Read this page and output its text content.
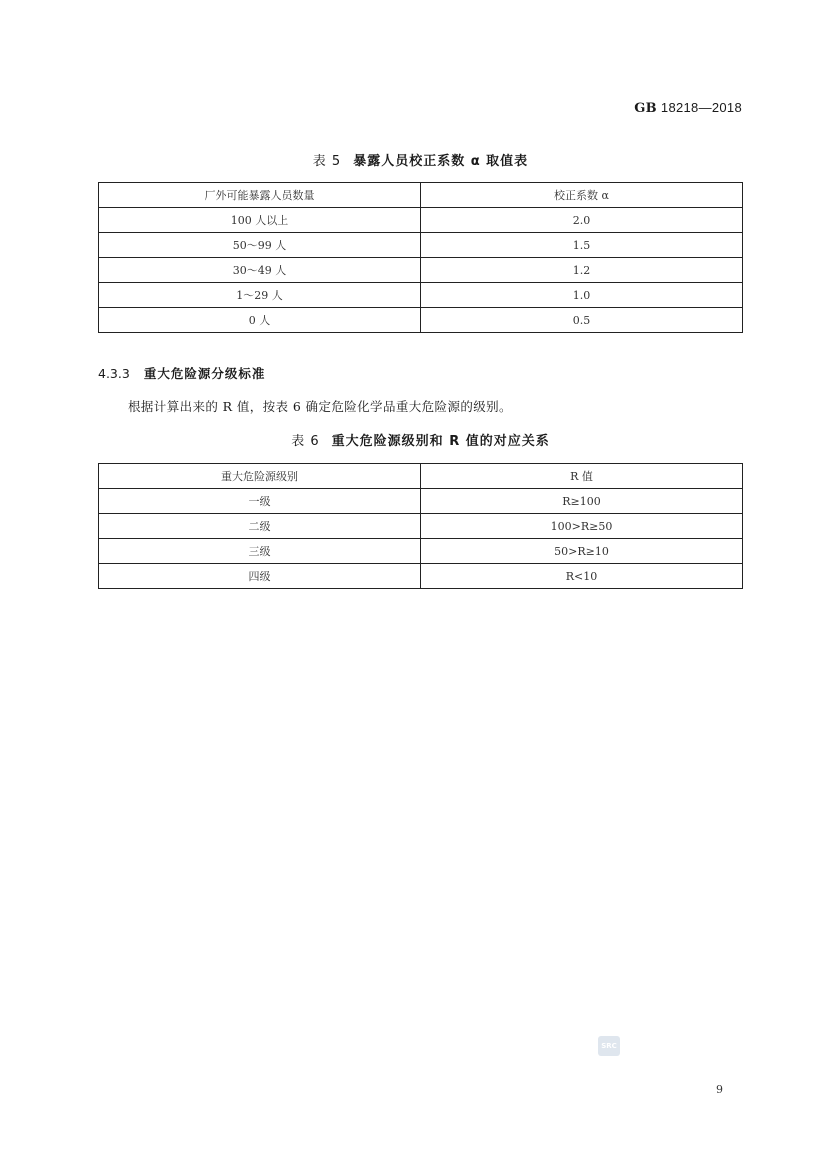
GB 18218—2018
表 5 暴露人员校正系数 α 取值表
厂外可能暴露人员数量	校正系数 α
100 人以上	2.0
50～99 人	1.5
30～49 人	1.2
1～29 人	1.0
0 人	0.5
4.3.3 重大危险源分级标准
根据计算出来的 R 值，按表 6 确定危险化学品重大危险源的级别。
表 6 重大危险源级别和 R 值的对应关系
重大危险源级别	R 值
一级	R≥100
二级	100>R≥50
三级	50>R≥10
四级	R<10
SRC
9
